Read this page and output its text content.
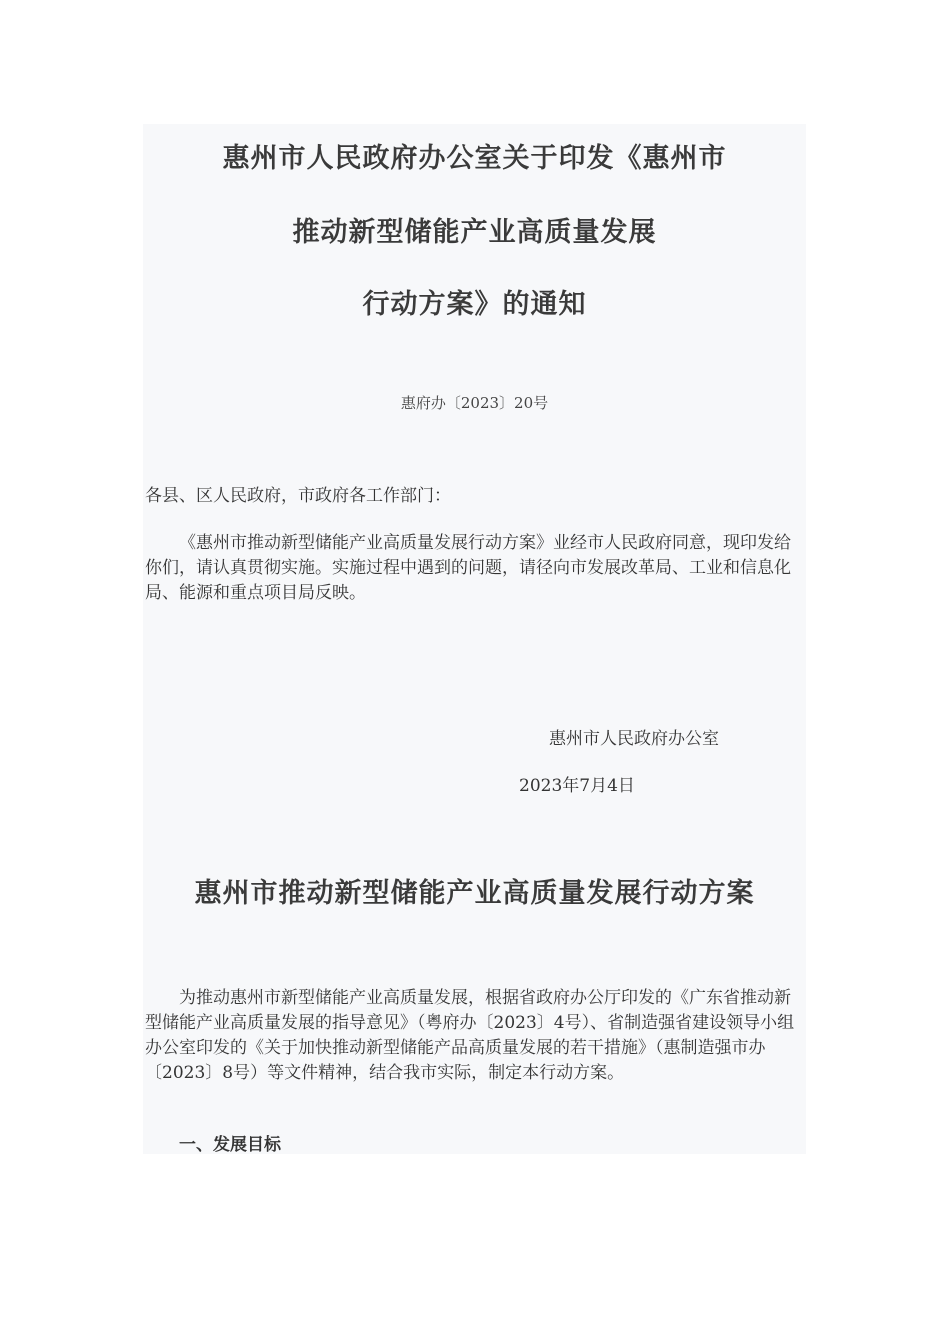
惠州市人民政府办公室关于印发《惠州市
推动新型储能产业高质量发展
行动方案》的通知
惠府办〔2023〕20号
各县、区人民政府，市政府各工作部门：
《惠州市推动新型储能产业高质量发展行动方案》业经市人民政府同意，现印发给你们，请认真贯彻实施。实施过程中遇到的问题，请径向市发展改革局、工业和信息化局、能源和重点项目局反映。
惠州市人民政府办公室
2023年7月4日
惠州市推动新型储能产业高质量发展行动方案
为推动惠州市新型储能产业高质量发展，根据省政府办公厅印发的《广东省推动新型储能产业高质量发展的指导意见》（粤府办〔2023〕4号）、省制造强省建设领导小组办公室印发的《关于加快推动新型储能产品高质量发展的若干措施》（惠制造强市办〔2023〕8号）等文件精神，结合我市实际，制定本行动方案。
一、发展目标
